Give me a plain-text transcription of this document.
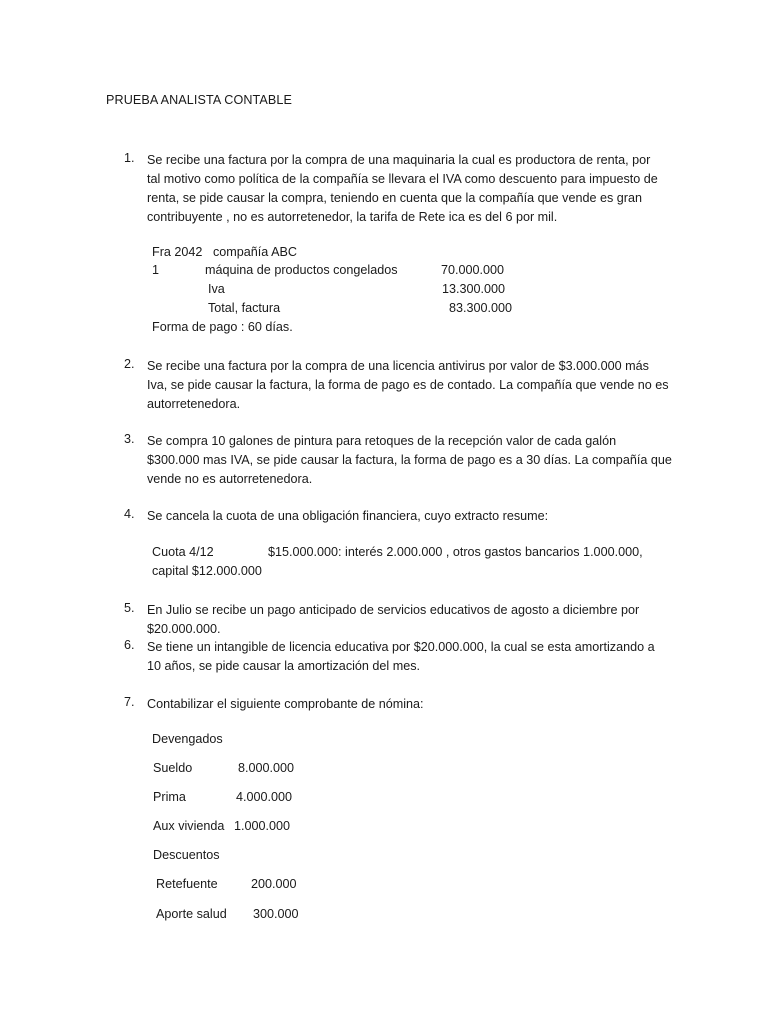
PRUEBA ANALISTA CONTABLE
1. Se recibe una factura por la compra de una maquinaria la cual es productora de renta, por
tal motivo como política de la compañía se llevara el IVA como descuento para impuesto de
renta, se pide causar la compra, teniendo en cuenta que la compañía que vende es gran
contribuyente , no es autorretenedor, la tarifa de Rete ica es del 6 por mil.
Fra 2042 compañía ABC
1	máquina de productos congelados	70.000.000
Iva	13.300.000
Total, factura	83.300.000
Forma de pago : 60 días.
2. Se recibe una factura por la compra de una licencia antivirus por valor de $3.000.000 más
Iva, se pide causar la factura, la forma de pago es de contado. La compañía que vende no es
autorretenedora.
3. Se compra 10 galones de pintura para retoques de la recepción valor de cada galón
$300.000 mas IVA, se pide causar la factura, la forma de pago es a 30 días. La compañía que
vende no es autorretenedora.
4. Se cancela la cuota de una obligación financiera, cuyo extracto resume:
Cuota 4/12	$15.000.000: interés 2.000.000 , otros gastos bancarios 1.000.000,
capital $12.000.000
5. En Julio se recibe un pago anticipado de servicios educativos de agosto a diciembre por
$20.000.000.
6. Se tiene un intangible de licencia educativa por $20.000.000, la cual se esta amortizando a
10 años, se pide causar la amortización del mes.
7. Contabilizar el siguiente comprobante de nómina:
Devengados
Sueldo	8.000.000
Prima	4.000.000
Aux vivienda 1.000.000
Descuentos
Retefuente	200.000
Aporte salud 300.000
